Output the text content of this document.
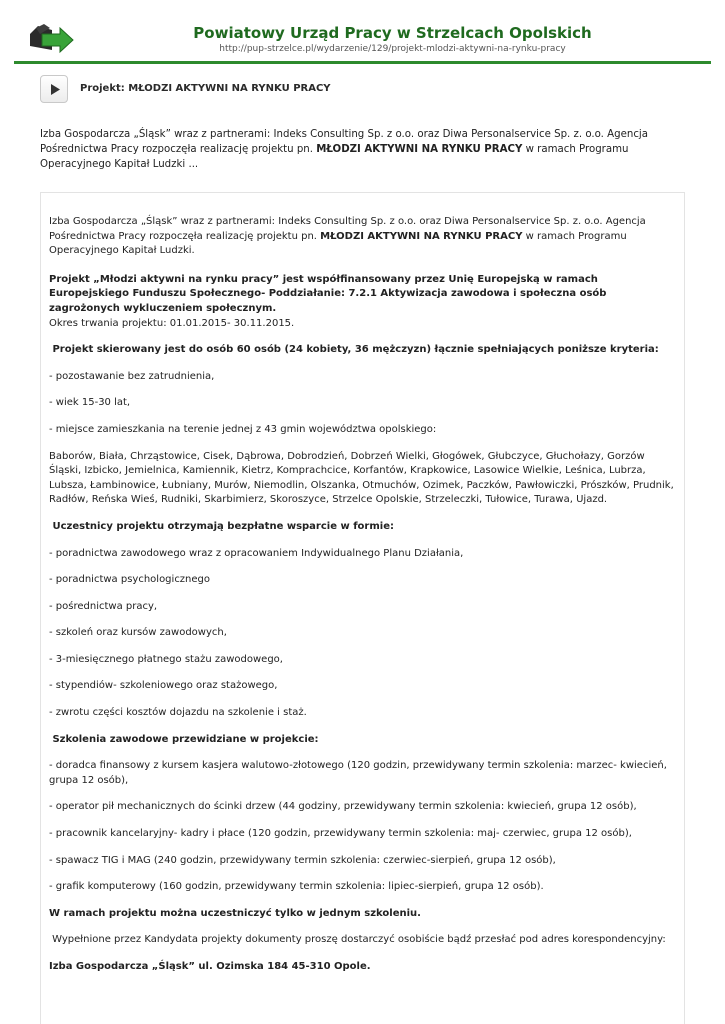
Powiatowy Urząd Pracy w Strzelcach Opolskich
http://pup-strzelce.pl/wydarzenie/129/projekt-mlodzi-aktywni-na-rynku-pracy
Projekt: MŁODZI AKTYWNI NA RYNKU PRACY
Izba Gospodarcza „Śląsk” wraz z partnerami: Indeks Consulting Sp. z o.o. oraz Diwa Personalservice Sp. z. o.o. Agencja Pośrednictwa Pracy rozpoczęła realizację projektu pn. MŁODZI AKTYWNI NA RYNKU PRACY w ramach Programu Operacyjnego Kapitał Ludzki ...

Izba Gospodarcza „Śląsk” wraz z partnerami: Indeks Consulting Sp. z o.o. oraz Diwa Personalservice Sp. z. o.o. Agencja Pośrednictwa Pracy rozpoczęła realizację projektu pn. MŁODZI AKTYWNI NA RYNKU PRACY w ramach Programu Operacyjnego Kapitał Ludzki.

Projekt „Młodzi aktywni na rynku pracy” jest współfinansowany przez Unię Europejską w ramach Europejskiego Funduszu Społecznego- Poddziałanie: 7.2.1 Aktywizacja zawodowa i społeczna osób zagrożonych wykluczeniem społecznym.

Okres trwania projektu: 01.01.2015- 30.11.2015.

Projekt skierowany jest do osób 60 osób (24 kobiety, 36 mężczyzn) łącznie spełniających poniższe kryteria:

- pozostawanie bez zatrudnienia,

- wiek 15-30 lat,

- miejsce zamieszkania na terenie jednej z 43 gmin województwa opolskiego:

Baborów, Biała, Chrząstowice, Cisek, Dąbrowa, Dobrodzień, Dobrzeń Wielki, Głogówek, Głubczyce, Głuchołazy, Gorzów Śląski, Izbicko, Jemielnica, Kamiennik, Kietrz, Komprachcice, Korfantów, Krapkowice, Lasowice Wielkie, Leśnica, Lubrza, Lubsza, Łambinowice, Łubniany, Murów, Niemodlin, Olszanka, Otmuchów, Ozimek, Paczków, Pawłowiczki, Prószków, Prudnik, Radłów, Reńska Wieś, Rudniki, Skarbimierz, Skoroszyce, Strzelce Opolskie, Strzeleczki, Tułowice, Turawa, Ujazd.

Uczestnicy projektu otrzymają bezpłatne wsparcie w formie:

- poradnictwa zawodowego wraz z opracowaniem Indywidualnego Planu Działania,

- poradnictwa psychologicznego

- pośrednictwa pracy,

- szkoleń oraz kursów zawodowych,

- 3-miesięcznego płatnego stażu zawodowego,

- stypendiów- szkoleniowego oraz stażowego,

- zwrotu części kosztów dojazdu na szkolenie i staż.

Szkolenia zawodowe przewidziane w projekcie:

- doradca finansowy z kursem kasjera walutowo-złotowego (120 godzin, przewidywany termin szkolenia: marzec- kwiecień, grupa 12 osób),

- operator pił mechanicznych do ścinki drzew (44 godziny, przewidywany termin szkolenia: kwiecień, grupa 12 osób),

- pracownik kancelaryjny- kadry i płace (120 godzin, przewidywany termin szkolenia: maj- czerwiec, grupa 12 osób),

- spawacz TIG i MAG (240 godzin, przewidywany termin szkolenia: czerwiec-sierpień, grupa 12 osób),

- grafik komputerowy (160 godzin, przewidywany termin szkolenia: lipiec-sierpień, grupa 12 osób).

W ramach projektu można uczestniczyć tylko w jednym szkoleniu.

Wypełnione przez Kandydata projekty dokumenty proszę dostarczyć osobiście bądź przesłać pod adres korespondencyjny:

Izba Gospodarcza „Śląsk” ul. Ozimska 184 45-310 Opole.
